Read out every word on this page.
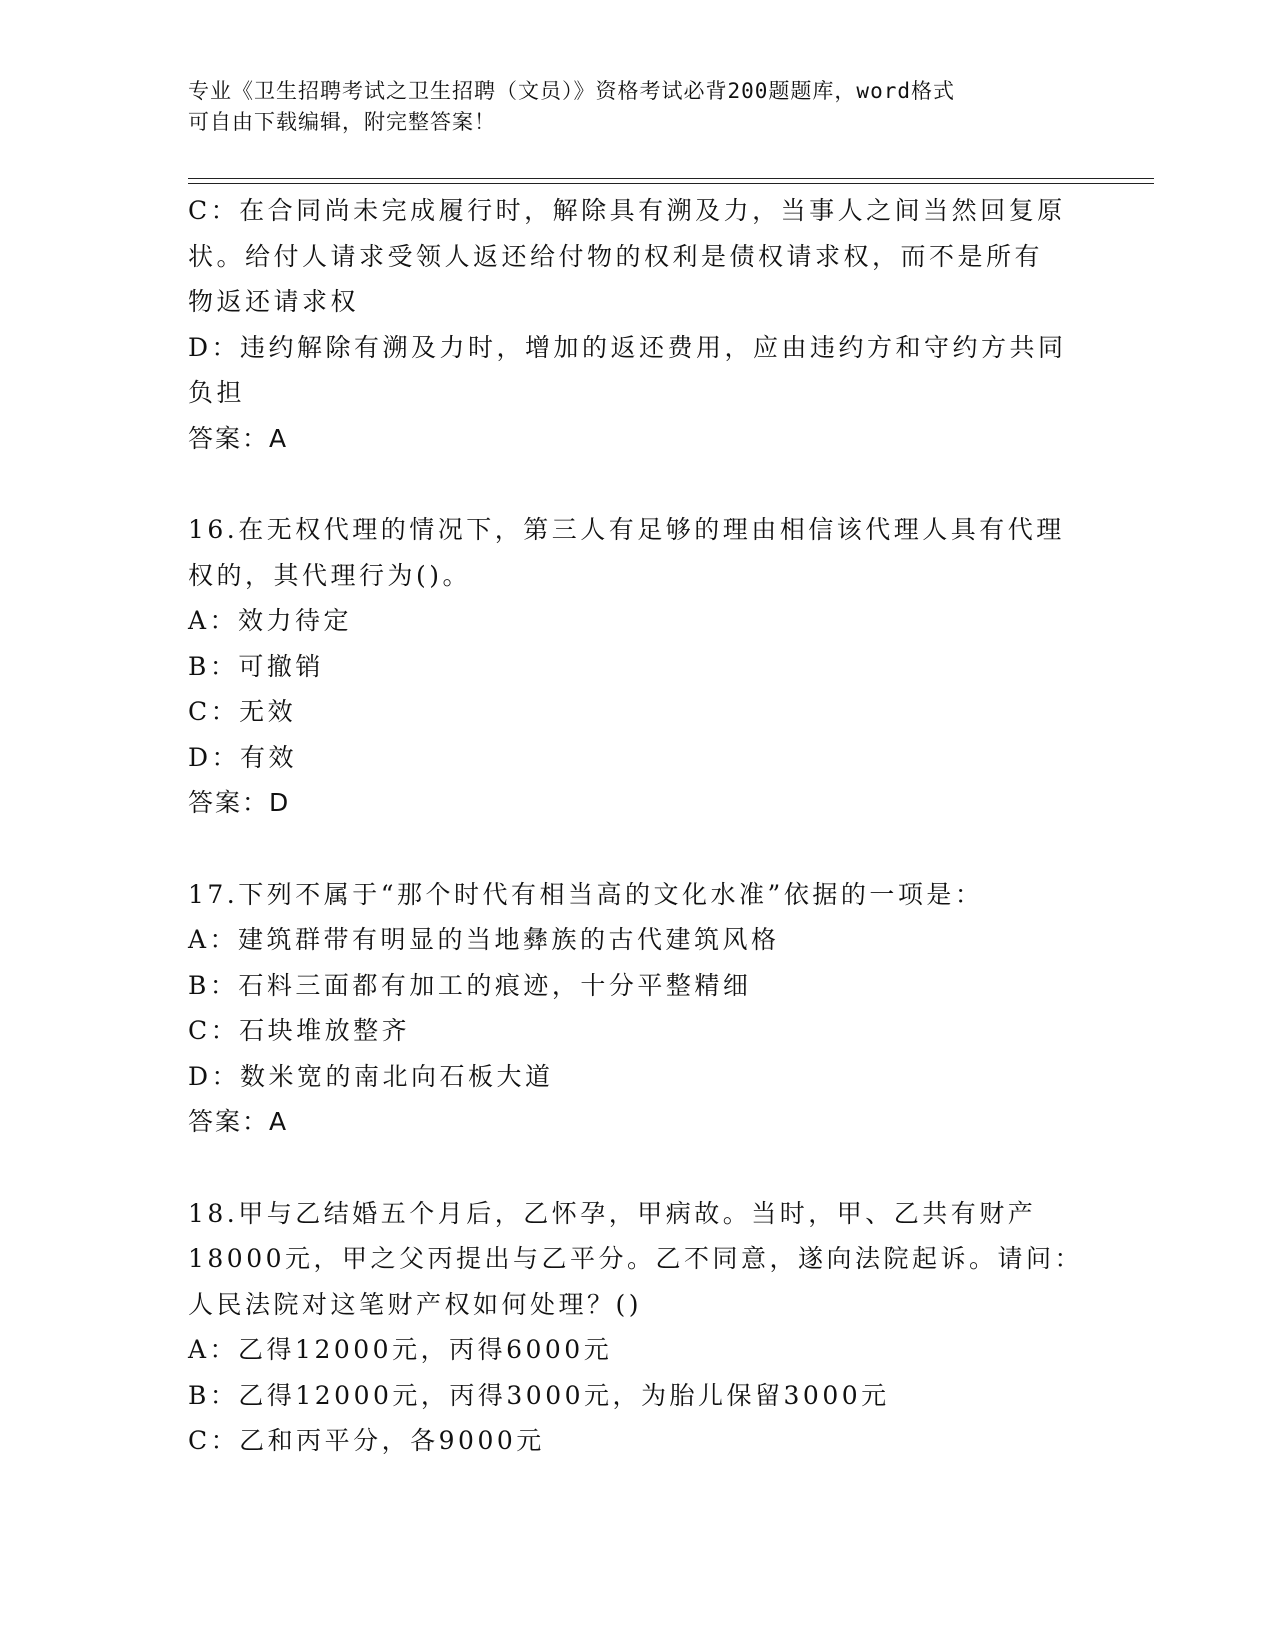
专业《卫生招聘考试之卫生招聘（文员）》资格考试必背200题题库，word格式
可自由下载编辑，附完整答案！
C：在合同尚未完成履行时，解除具有溯及力，当事人之间当然回复原
状。给付人请求受领人返还给付物的权利是债权请求权，而不是所有
物返还请求权
D：违约解除有溯及力时，增加的返还费用，应由违约方和守约方共同
负担
答案：A
16.在无权代理的情况下，第三人有足够的理由相信该代理人具有代理
权的，其代理行为()。
A：效力待定
B：可撤销
C：无效
D：有效
答案：D
17.下列不属于“那个时代有相当高的文化水准”依据的一项是：
A：建筑群带有明显的当地彝族的古代建筑风格
B：石料三面都有加工的痕迹，十分平整精细
C：石块堆放整齐
D：数米宽的南北向石板大道
答案：A
18.甲与乙结婚五个月后，乙怀孕，甲病故。当时，甲、乙共有财产
18000元，甲之父丙提出与乙平分。乙不同意，遂向法院起诉。请问：
人民法院对这笔财产权如何处理？()
A：乙得12000元，丙得6000元
B：乙得12000元，丙得3000元，为胎儿保留3000元
C：乙和丙平分，各9000元
